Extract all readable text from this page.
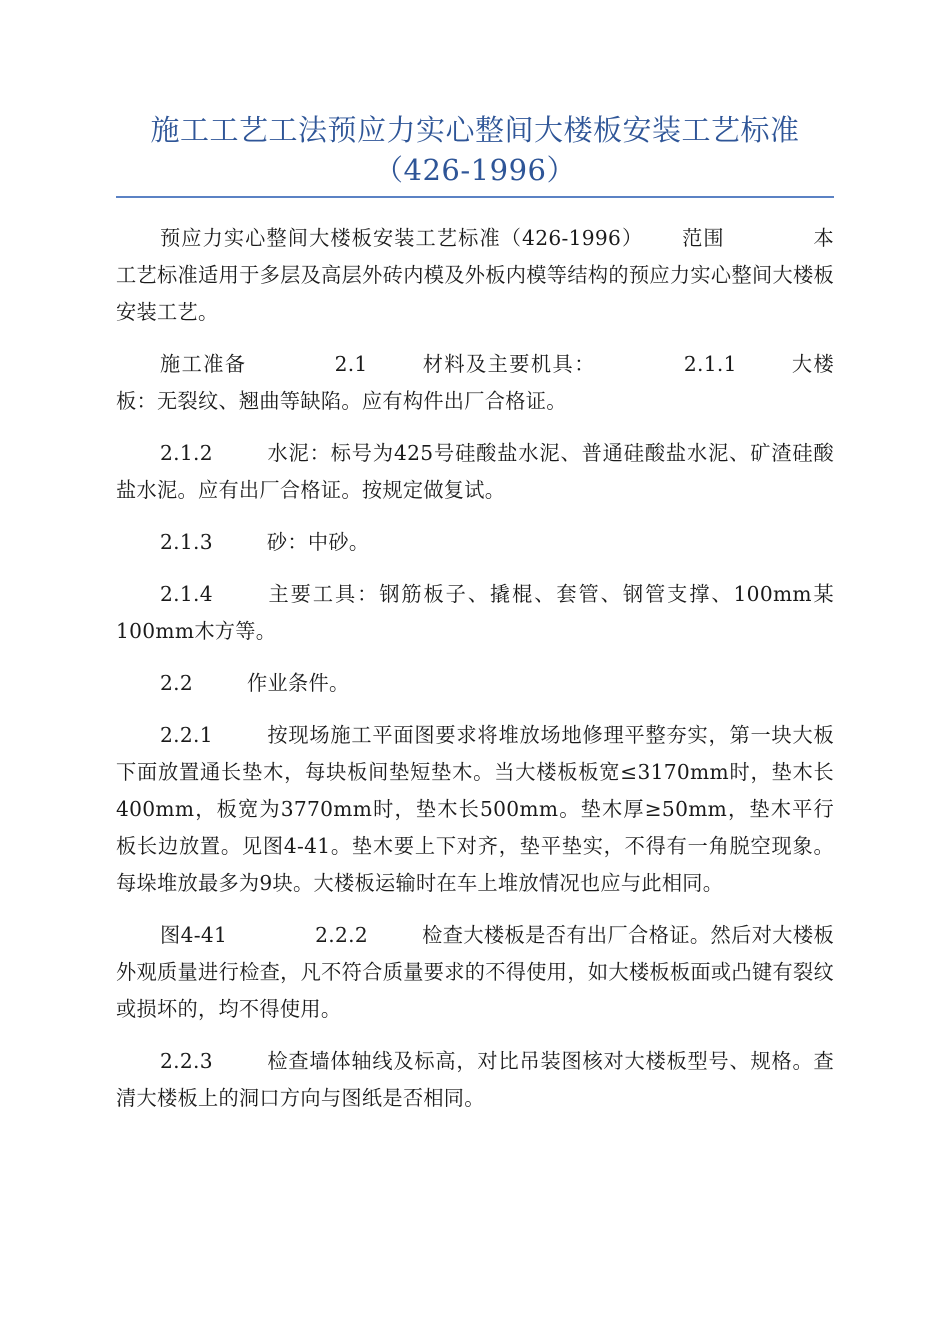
施工工艺工法预应力实心整间大楼板安装工艺标准
（426-1996）

预应力实心整间大楼板安装工艺标准（426-1996） 范围	本工艺标准适用于多层及高层外砖内模及外板内模等结构的预应力实心整间大楼板安装工艺。

施工准备	2.1	材料及主要机具：	2.1.1	大楼板：无裂纹、翘曲等缺陷。应有构件出厂合格证。

2.1.2	水泥：标号为425号硅酸盐水泥、普通硅酸盐水泥、矿渣硅酸盐水泥。应有出厂合格证。按规定做复试。

2.1.3	砂：中砂。

2.1.4	主要工具：钢筋板子、撬棍、套管、钢管支撑、100mm某100mm木方等。

2.2	作业条件。

2.2.1	按现场施工平面图要求将堆放场地修理平整夯实，第一块大板下面放置通长垫木，每块板间垫短垫木。当大楼板板宽≤3170mm时，垫木长400mm，板宽为3770mm时，垫木长500mm。垫木厚≥50mm，垫木平行板长边放置。见图4-41。垫木要上下对齐，垫平垫实，不得有一角脱空现象。每垛堆放最多为9块。大楼板运输时在车上堆放情况也应与此相同。

图4-41	2.2.2	检查大楼板是否有出厂合格证。然后对大楼板外观质量进行检查，凡不符合质量要求的不得使用，如大楼板板面或凸键有裂纹或损坏的，均不得使用。

2.2.3	检查墙体轴线及标高，对比吊装图核对大楼板型号、规格。查清大楼板上的洞口方向与图纸是否相同。
